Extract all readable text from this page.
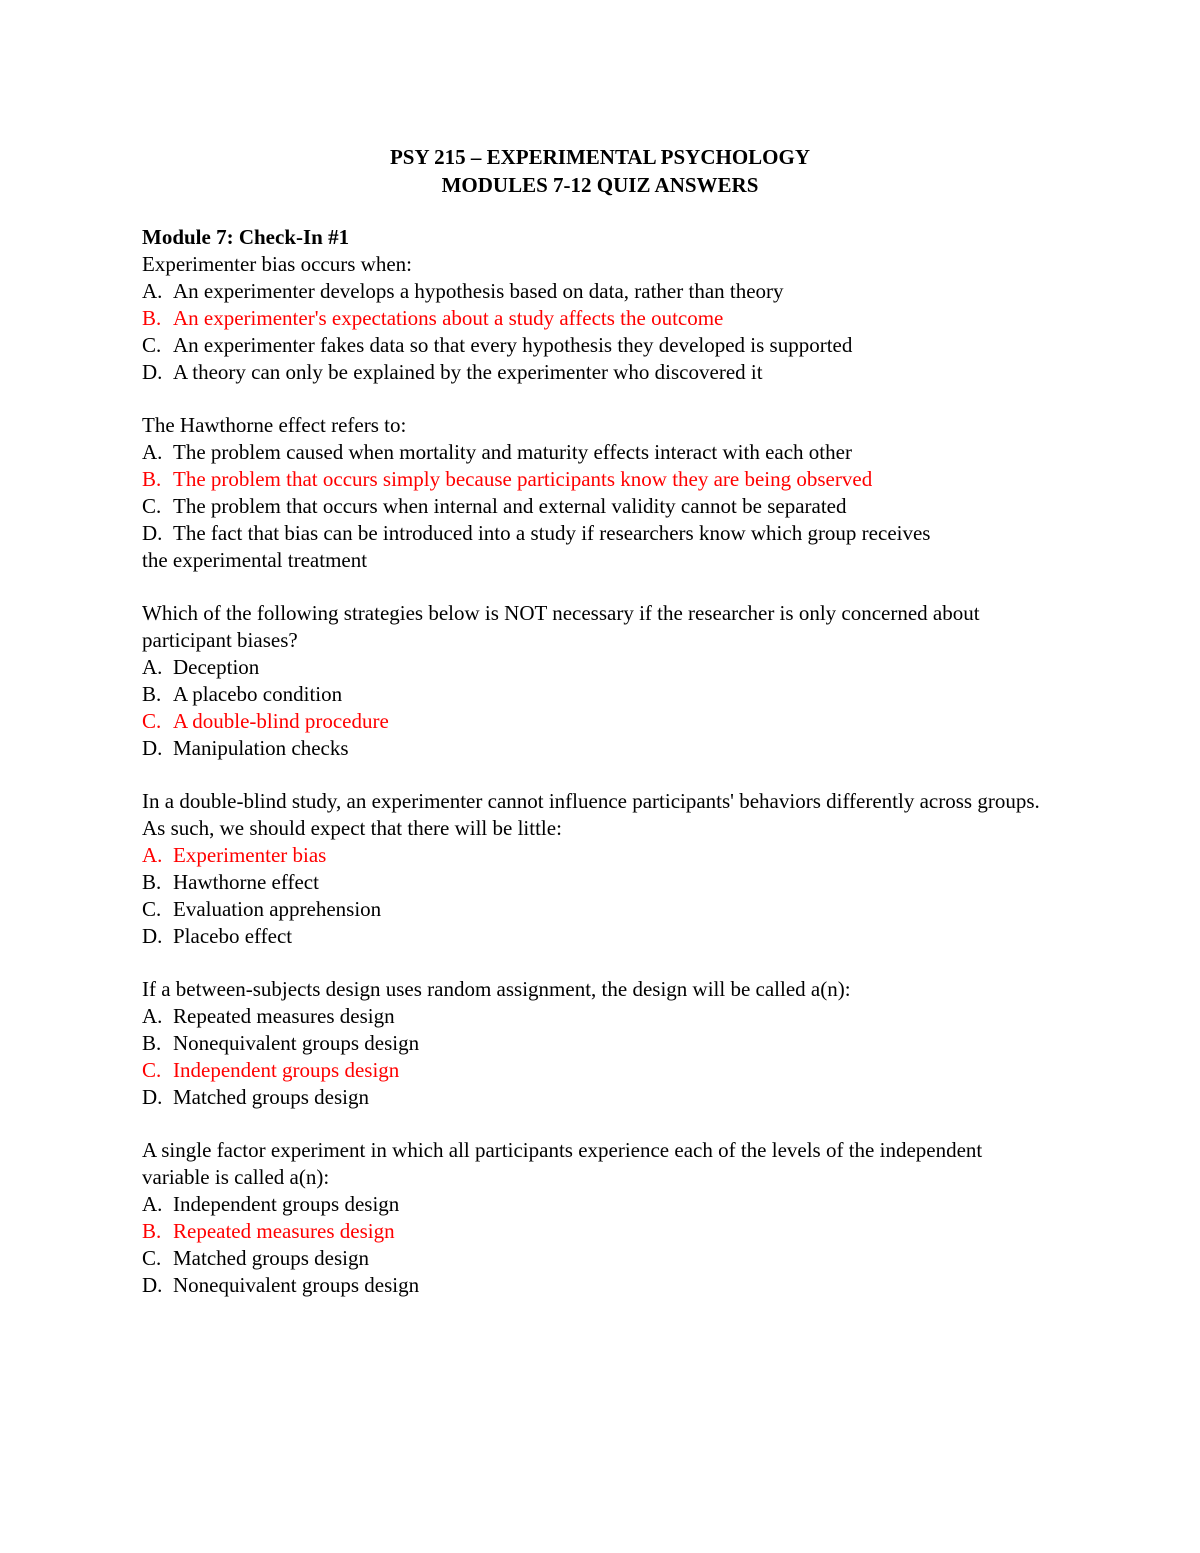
PSY 215 – EXPERIMENTAL PSYCHOLOGY
MODULES 7-12 QUIZ ANSWERS

Module 7: Check-In #1

Experimenter bias occurs when:

A. An experimenter develops a hypothesis based on data, rather than theory
B. An experimenter's expectations about a study affects the outcome
C. An experimenter fakes data so that every hypothesis they developed is supported
D. A theory can only be explained by the experimenter who discovered it

The Hawthorne effect refers to:

A. The problem caused when mortality and maturity effects interact with each other
B. The problem that occurs simply because participants know they are being observed
C. The problem that occurs when internal and external validity cannot be separated
D. The fact that bias can be introduced into a study if researchers know which group receives
the experimental treatment

Which of the following strategies below is NOT necessary if the researcher is only concerned about participant biases?

A. Deception
B. A placebo condition
C. A double-blind procedure
D. Manipulation checks

In a double-blind study, an experimenter cannot influence participants' behaviors differently across groups. As such, we should expect that there will be little:

A. Experimenter bias
B. Hawthorne effect
C. Evaluation apprehension
D. Placebo effect

If a between-subjects design uses random assignment, the design will be called a(n):

A. Repeated measures design
B. Nonequivalent groups design
C. Independent groups design
D. Matched groups design

A single factor experiment in which all participants experience each of the levels of the independent variable is called a(n):

A. Independent groups design
B. Repeated measures design
C. Matched groups design
D. Nonequivalent groups design
